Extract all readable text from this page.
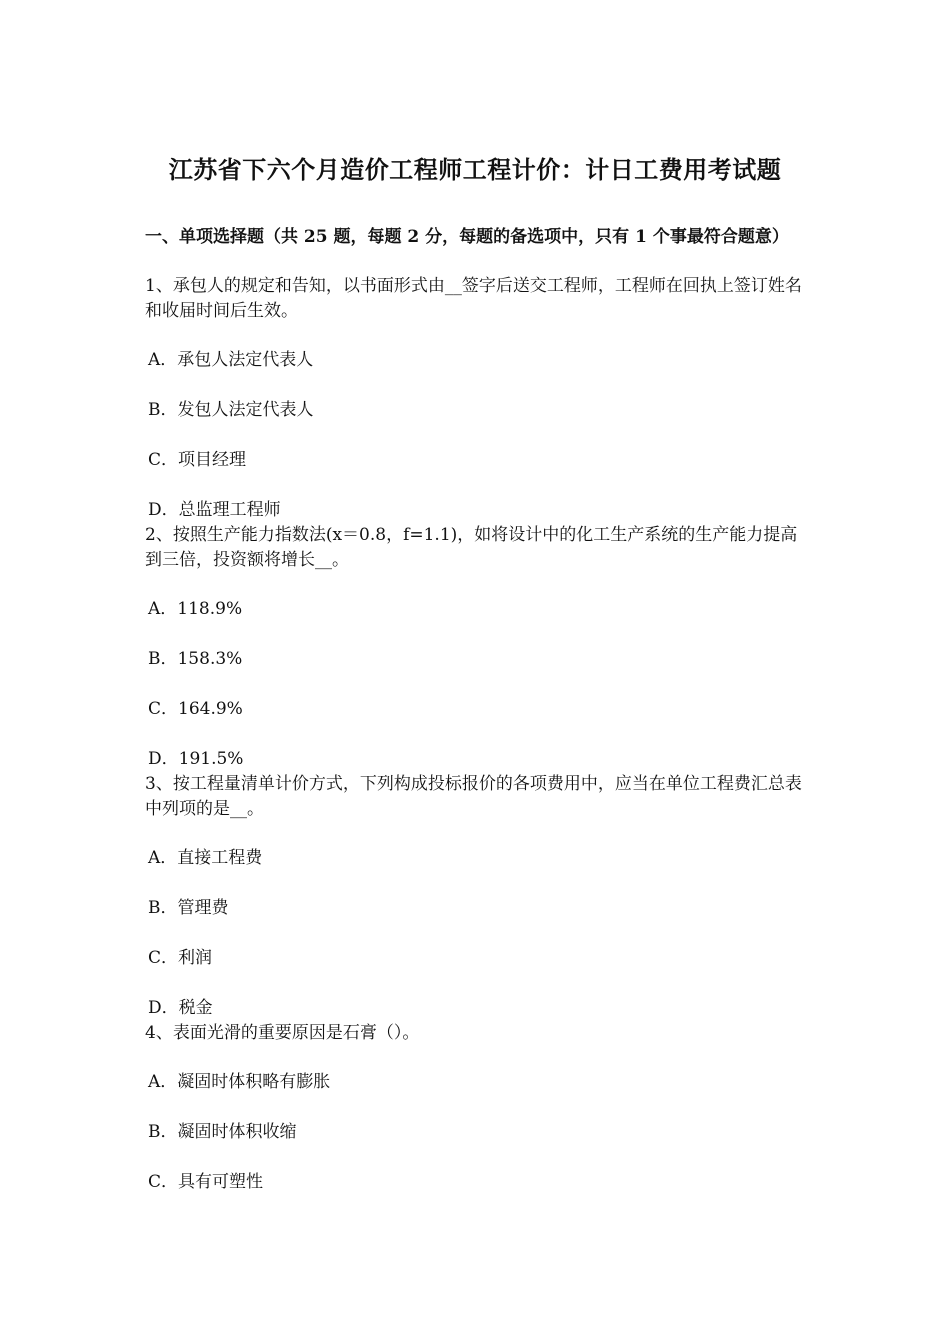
江苏省下六个月造价工程师工程计价：计日工费用考试题
一、单项选择题（共 25 题，每题 2 分，每题的备选项中，只有 1 个事最符合题意）
1、承包人的规定和告知，以书面形式由__签字后送交工程师，工程师在回执上签订姓名和收届时间后生效。
A．承包人法定代表人
B．发包人法定代表人
C．项目经理
D．总监理工程师
2、按照生产能力指数法(x＝0.8，f=1.1)，如将设计中的化工生产系统的生产能力提高到三倍，投资额将增长__。
A．118.9%
B．158.3%
C．164.9%
D．191.5%
3、按工程量清单计价方式，下列构成投标报价的各项费用中，应当在单位工程费汇总表中列项的是__。
A．直接工程费
B．管理费
C．利润
D．税金
4、表面光滑的重要原因是石膏（）。
A．凝固时体积略有膨胀
B．凝固时体积收缩
C．具有可塑性
